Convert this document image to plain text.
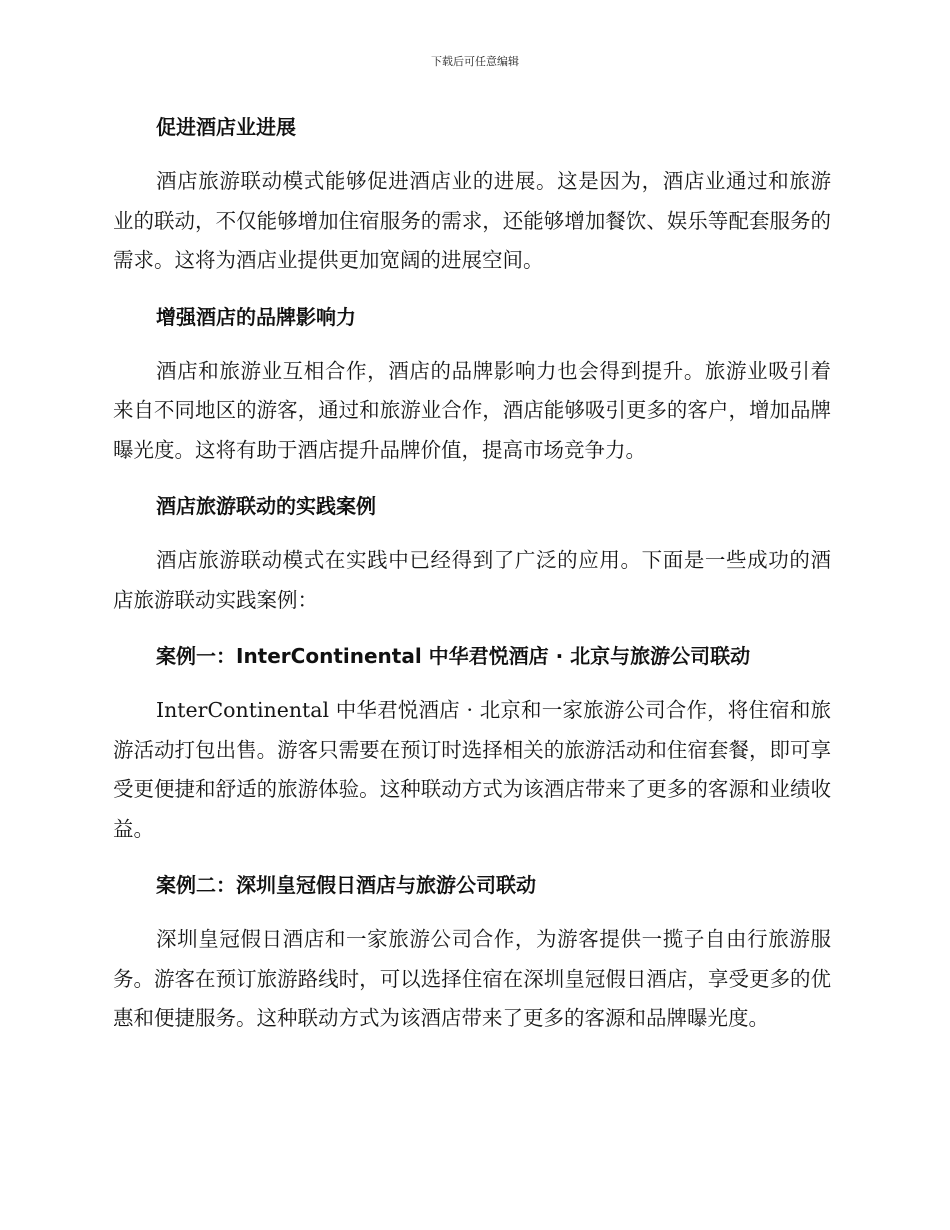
下载后可任意编辑
促进酒店业进展

酒店旅游联动模式能够促进酒店业的进展。这是因为，酒店业通过和旅游业的联动，不仅能够增加住宿服务的需求，还能够增加餐饮、娱乐等配套服务的需求。这将为酒店业提供更加宽阔的进展空间。

增强酒店的品牌影响力

酒店和旅游业互相合作，酒店的品牌影响力也会得到提升。旅游业吸引着来自不同地区的游客，通过和旅游业合作，酒店能够吸引更多的客户，增加品牌曝光度。这将有助于酒店提升品牌价值，提高市场竞争力。

酒店旅游联动的实践案例

酒店旅游联动模式在实践中已经得到了广泛的应用。下面是一些成功的酒店旅游联动实践案例：

案例一：InterContinental 中华君悦酒店 · 北京与旅游公司联动

InterContinental 中华君悦酒店 · 北京和一家旅游公司合作，将住宿和旅游活动打包出售。游客只需要在预订时选择相关的旅游活动和住宿套餐，即可享受更便捷和舒适的旅游体验。这种联动方式为该酒店带来了更多的客源和业绩收益。

案例二：深圳皇冠假日酒店与旅游公司联动

深圳皇冠假日酒店和一家旅游公司合作，为游客提供一揽子自由行旅游服务。游客在预订旅游路线时，可以选择住宿在深圳皇冠假日酒店，享受更多的优惠和便捷服务。这种联动方式为该酒店带来了更多的客源和品牌曝光度。
